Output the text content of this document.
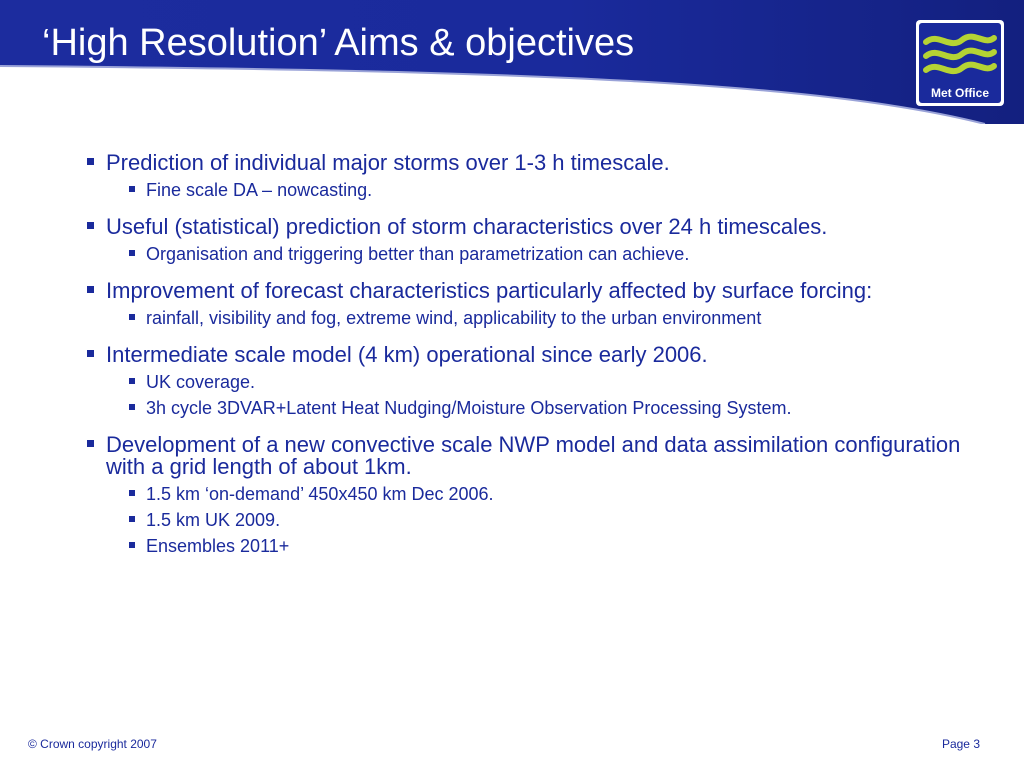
‘High Resolution’ Aims & objectives
Met Office
Prediction of individual major storms over 1-3 h timescale.
Fine scale DA – nowcasting.
Useful (statistical) prediction of storm characteristics over 24 h timescales.
Organisation and triggering better than parametrization can achieve.
Improvement of forecast characteristics particularly affected by surface forcing:
rainfall, visibility and fog, extreme wind, applicability to the urban environment
Intermediate scale model (4 km) operational since early 2006.
UK coverage.
3h cycle 3DVAR+Latent Heat Nudging/Moisture Observation Processing System.
Development of a new convective scale NWP model and data assimilation configuration with a grid length of about 1km.
1.5 km ‘on-demand’ 450x450 km Dec 2006.
1.5 km UK 2009.
Ensembles 2011+
© Crown copyright 2007	Page 3
